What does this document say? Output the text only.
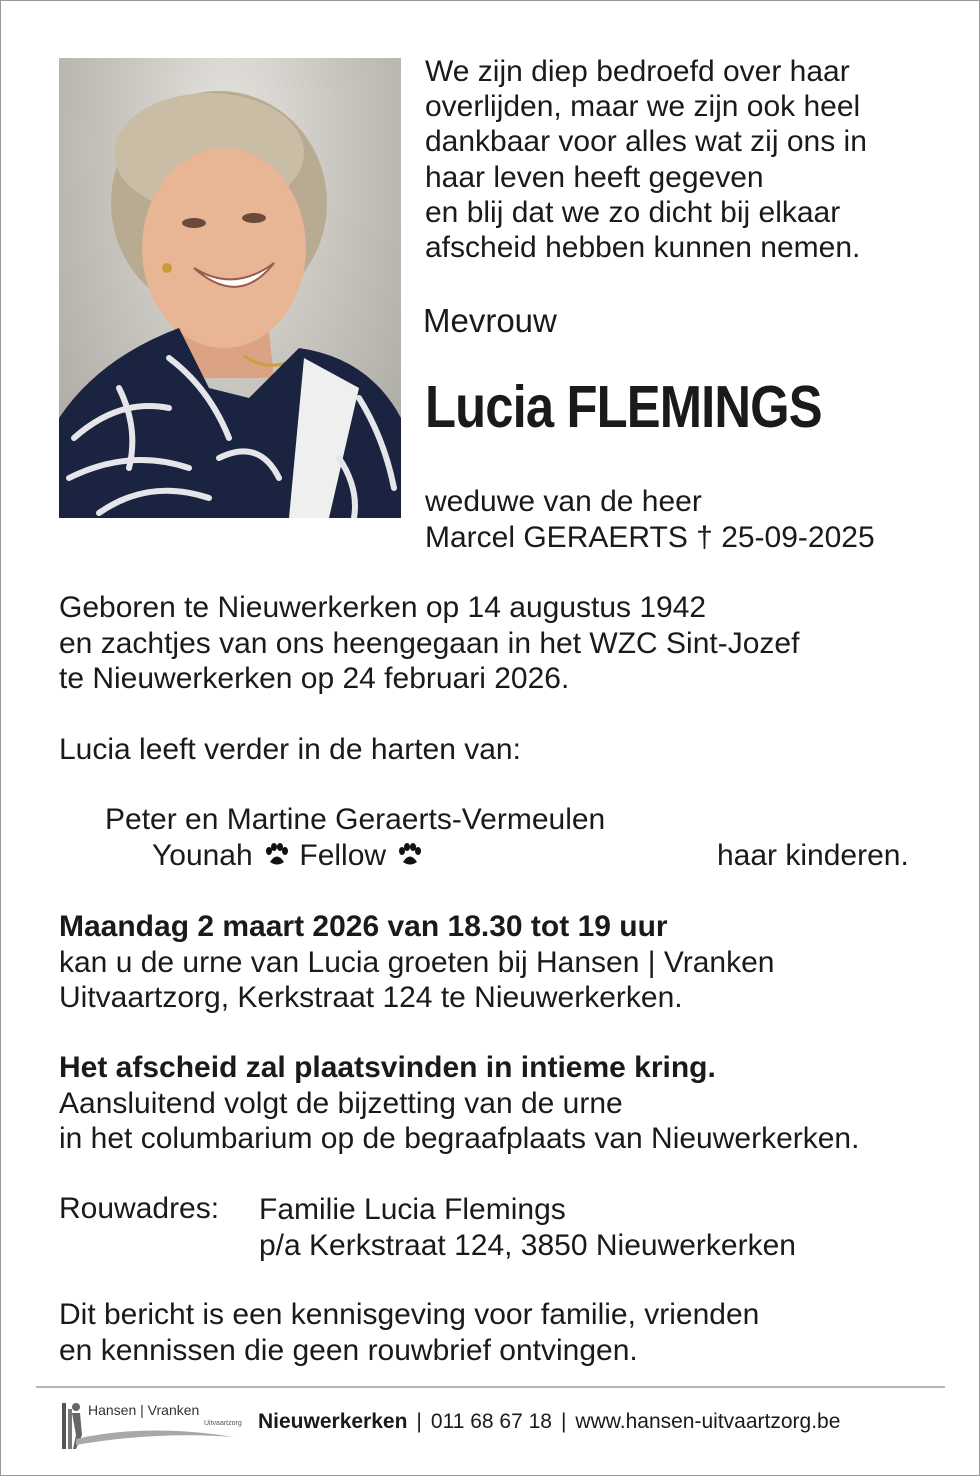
We zijn diep bedroefd over haar
overlijden, maar we zijn ook heel
dankbaar voor alles wat zij ons in
haar leven heeft gegeven
en blij dat we zo dicht bij elkaar
afscheid hebben kunnen nemen.
Mevrouw
Lucia FLEMINGS
weduwe van de heer
Marcel GERAERTS † 25-09-2025
Geboren te Nieuwerkerken op 14 augustus 1942
en zachtjes van ons heengegaan in het WZC Sint-Jozef
te Nieuwerkerken op 24 februari 2026.
Lucia leeft verder in de harten van:
Peter en Martine Geraerts-Vermeulen
Younah Fellow	haar kinderen.
Maandag 2 maart 2026 van 18.30 tot 19 uur
kan u de urne van Lucia groeten bij Hansen | Vranken
Uitvaartzorg, Kerkstraat 124 te Nieuwerkerken.
Het afscheid zal plaatsvinden in intieme kring.
Aansluitend volgt de bijzetting van de urne
in het columbarium op de begraafplaats van Nieuwerkerken.
Rouwadres: Familie Lucia Flemings
p/a Kerkstraat 124, 3850 Nieuwerkerken
Dit bericht is een kennisgeving voor familie, vrienden
en kennissen die geen rouwbrief ontvingen.
Hansen | Vranken
Uitvaartzorg Nieuwerkerken | 011 68 67 18 | www.hansen-uitvaartzorg.be
